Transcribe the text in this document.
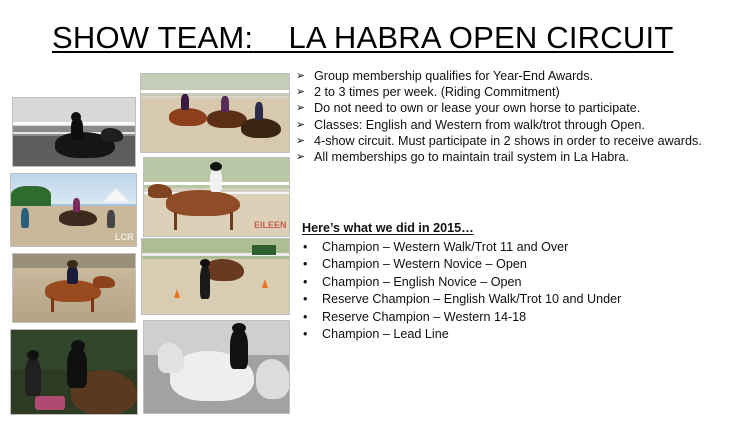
SHOW TEAM: LA HABRA OPEN CIRCUIT
LCR
EILEEN
➢ Group membership qualifies for Year-End Awards.
➢ 2 to 3 times per week. (Riding Commitment)
➢ Do not need to own or lease your own horse to participate.
➢ Classes: English and Western from walk/trot through Open.
➢ 4-show circuit. Must participate in 2 shows in order to receive awards.
➢ All memberships go to maintain trail system in La Habra.
Here’s what we did in 2015…
• Champion – Western Walk/Trot 11 and Over
• Champion – Western Novice – Open
• Champion – English Novice – Open
• Reserve Champion – English Walk/Trot 10 and Under
• Reserve Champion – Western 14-18
• Champion – Lead Line
